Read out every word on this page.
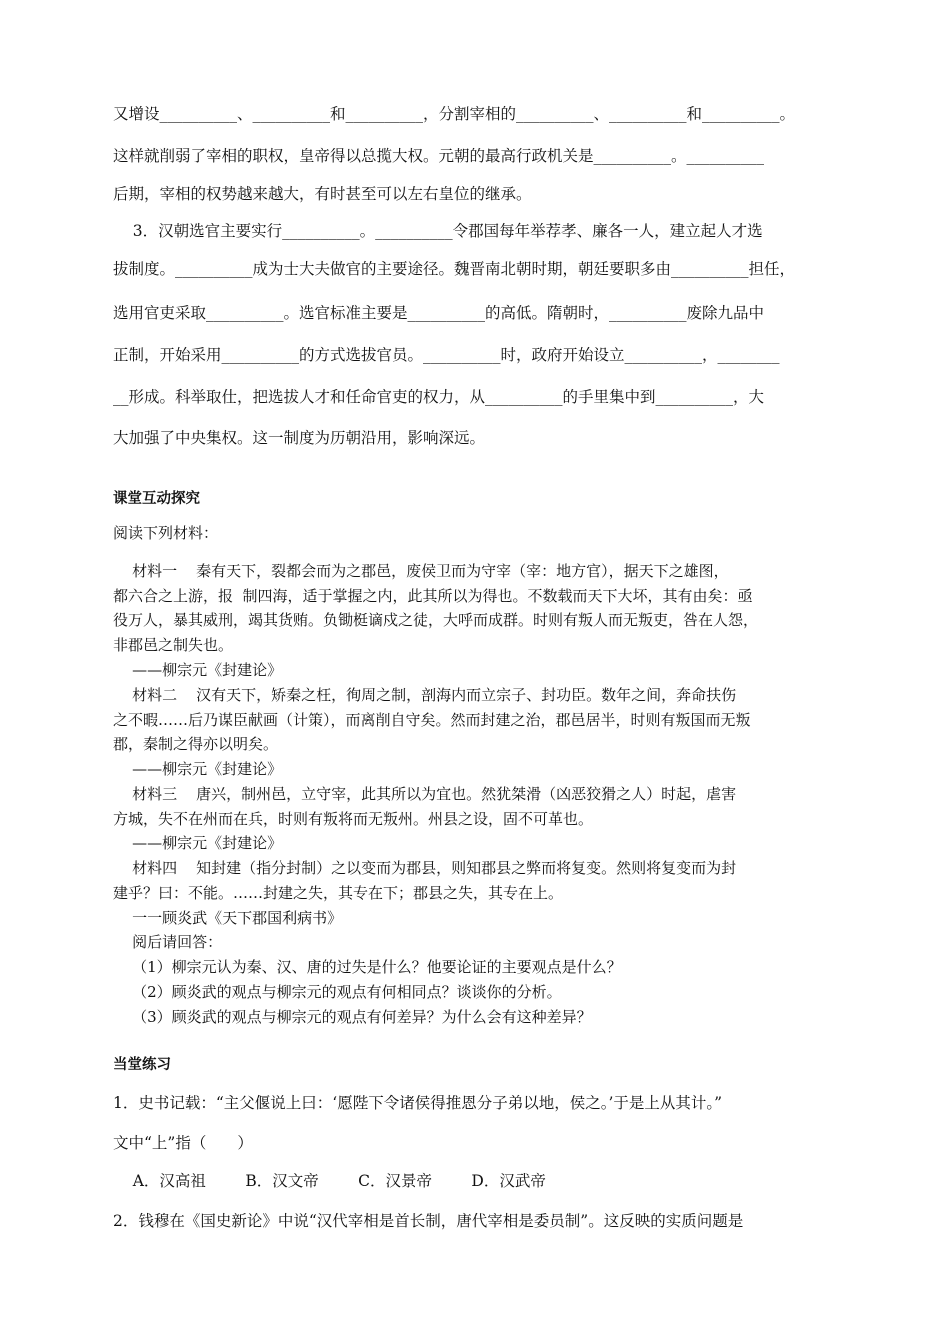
又增设__________、__________和__________，分割宰相的__________、__________和__________。
这样就削弱了宰相的职权，皇帝得以总揽大权。元朝的最高行政机关是__________。__________
后期，宰相的权势越来越大，有时甚至可以左右皇位的继承。
3．汉朝选官主要实行__________。__________令郡国每年举荐孝、廉各一人，建立起人才选
拔制度。__________成为士大夫做官的主要途径。魏晋南北朝时期，朝廷要职多由__________担任，
选用官吏采取__________。选官标准主要是__________的高低。隋朝时，__________废除九品中
正制，开始采用__________的方式选拔官员。__________时，政府开始设立__________，________
__形成。科举取仕，把选拔人才和任命官吏的权力，从__________的手里集中到__________，大
大加强了中央集权。这一制度为历朝沿用，影响深远。
课堂互动探究
阅读下列材料：
材料一    秦有天下，裂都会而为之郡邑，废侯卫而为守宰（宰：地方官），据天下之雄图，
都六合之上游，报  制四海，适于掌握之内，此其所以为得也。不数载而天下大坏，其有由矣：亟
役万人，暴其威刑，竭其货贿。负锄梃谪戍之徒，大呼而成群。时则有叛人而无叛吏，咎在人怨，
非郡邑之制失也。
——柳宗元《封建论》
材料二    汉有天下，矫秦之枉，徇周之制，剖海内而立宗子、封功臣。数年之间，奔命扶伤
之不暇……后乃谋臣献画（计策），而离削自守矣。然而封建之治，郡邑居半，时则有叛国而无叛
郡，秦制之得亦以明矣。
——柳宗元《封建论》
材料三    唐兴，制州邑，立守宰，此其所以为宜也。然犹桀滑（凶恶狡猾之人）时起，虐害
方城，失不在州而在兵，时则有叛将而无叛州。州县之设，固不可革也。
——柳宗元《封建论》
材料四    知封建（指分封制）之以变而为郡县，则知郡县之弊而将复变。然则将复变而为封
建乎？曰：不能。……封建之失，其专在下；郡县之失，其专在上。
一一顾炎武《天下郡国利病书》
阅后请回答：
（1）柳宗元认为秦、汉、唐的过失是什么？他要论证的主要观点是什么？
（2）顾炎武的观点与柳宗元的观点有何相同点？谈谈你的分析。
（3）顾炎武的观点与柳宗元的观点有何差异？为什么会有这种差异？
当堂练习
1．史书记载：“主父偃说上曰：‘愿陛下令诸侯得推恩分子弟以地，侯之。’于是上从其计。”
文中“上”指（　　）
A．汉高祖        B．汉文帝        C．汉景帝        D．汉武帝
2．钱穆在《国史新论》中说“汉代宰相是首长制，唐代宰相是委员制”。这反映的实质问题是
